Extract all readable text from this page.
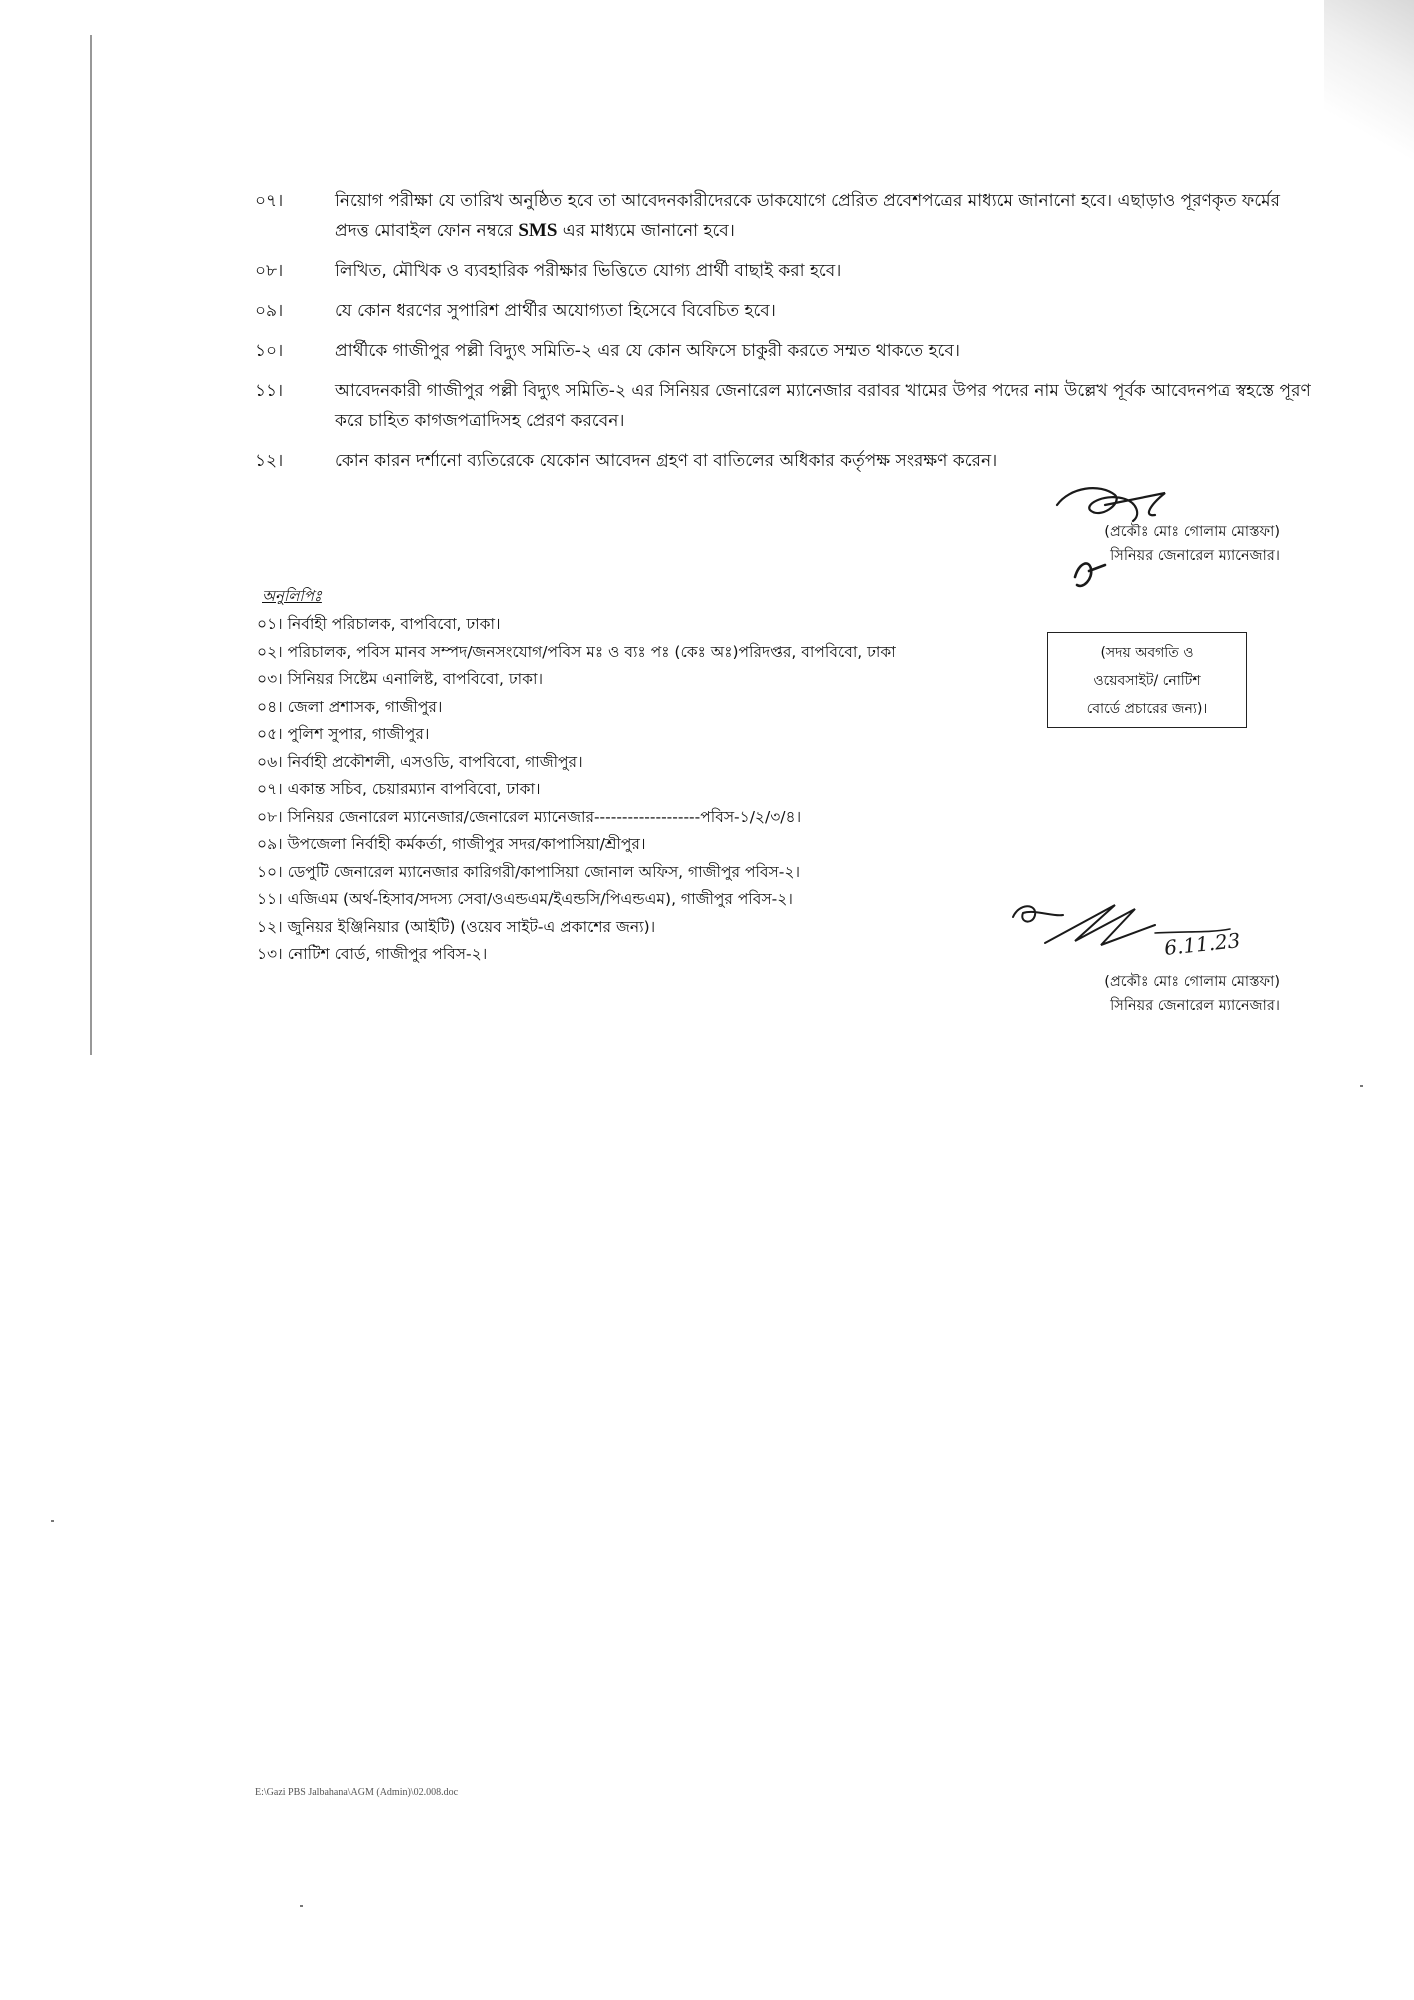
০৭।	নিয়োগ পরীক্ষা যে তারিখ অনুষ্ঠিত হবে তা আবেদনকারীদেরকে ডাকযোগে প্রেরিত প্রবেশপত্রের মাধ্যমে জানানো হবে। এছাড়াও পূরণকৃত ফর্মের প্রদত্ত মোবাইল ফোন নম্বরে SMS এর মাধ্যমে জানানো হবে।
০৮।	লিখিত, মৌখিক ও ব্যবহারিক পরীক্ষার ভিত্তিতে যোগ্য প্রার্থী বাছাই করা হবে।
০৯।	যে কোন ধরণের সুপারিশ প্রার্থীর অযোগ্যতা হিসেবে বিবেচিত হবে।
১০।	প্রার্থীকে গাজীপুর পল্লী বিদ্যুৎ সমিতি-২ এর যে কোন অফিসে চাকুরী করতে সম্মত থাকতে হবে।
১১।	আবেদনকারী গাজীপুর পল্লী বিদ্যুৎ সমিতি-২ এর সিনিয়র জেনারেল ম্যানেজার বরাবর খামের উপর পদের নাম উল্লেখ পূর্বক আবেদনপত্র স্বহস্তে পূরণ করে চাহিত কাগজপত্রাদিসহ প্রেরণ করবেন।
১২।	কোন কারন দর্শানো ব্যতিরেকে যেকোন আবেদন গ্রহণ বা বাতিলের অধিকার কর্তৃপক্ষ সংরক্ষণ করেন।
(প্রকৌঃ মোঃ গোলাম মোস্তফা)
সিনিয়র জেনারেল ম্যানেজার।
অনুলিপিঃ
০১। নির্বাহী পরিচালক, বাপবিবো, ঢাকা।
০২। পরিচালক, পবিস মানব সম্পদ/জনসংযোগ/পবিস মঃ ও ব্যঃ পঃ (কেঃ অঃ)পরিদপ্তর, বাপবিবো, ঢাকা
০৩। সিনিয়র সিষ্টেম এনালিষ্ট, বাপবিবো, ঢাকা।
০৪। জেলা প্রশাসক, গাজীপুর।
০৫। পুলিশ সুপার, গাজীপুর।
০৬। নির্বাহী প্রকৌশলী, এসওডি, বাপবিবো, গাজীপুর।
০৭। একান্ত সচিব, চেয়ারম্যান বাপবিবো, ঢাকা।
০৮। সিনিয়র জেনারেল ম্যানেজার/জেনারেল ম্যানেজার-------------------পবিস-১/২/৩/৪।
০৯। উপজেলা নির্বাহী কর্মকর্তা, গাজীপুর সদর/কাপাসিয়া/শ্রীপুর।
১০। ডেপুটি জেনারেল ম্যানেজার কারিগরী/কাপাসিয়া জোনাল অফিস, গাজীপুর পবিস-২।
১১। এজিএম (অর্থ-হিসাব/সদস্য সেবা/ওএন্ডএম/ইএন্ডসি/পিএন্ডএম), গাজীপুর পবিস-২।
১২। জুনিয়র ইঞ্জিনিয়ার (আইটি) (ওয়েব সাইট-এ প্রকাশের জন্য)।
১৩। নোটিশ বোর্ড, গাজীপুর পবিস-২।
(সদয় অবগতি ও
ওয়েবসাইট/ নোটিশ
বোর্ডে প্রচারের জন্য)।
6.11.23
(প্রকৌঃ মোঃ গোলাম মোস্তফা)
সিনিয়র জেনারেল ম্যানেজার।
E:\Gazi PBS Jalbahana\AGM (Admin)\02.008.doc
